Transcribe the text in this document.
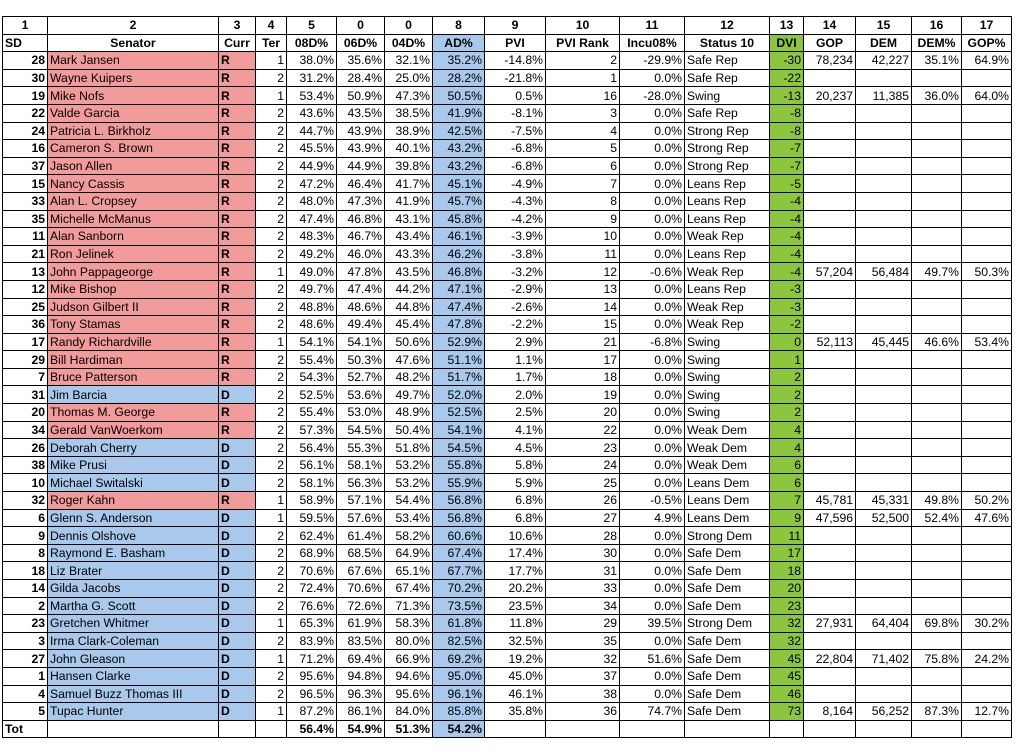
1	2	3	4	5	0	0	8	9	10	11	12	13	14	15	16	17
SD	Senator	Curr	Ter	08D%	06D%	04D%	AD%	PVI	PVI Rank	Incu08%	Status 10	DVI	GOP	DEM	DEM%	GOP%
28	Mark Jansen	R	1	38.0%	35.6%	32.1%	35.2%	-14.8%	2	-29.9%	Safe Rep	-30	78,234	42,227	35.1%	64.9%
30	Wayne Kuipers	R	2	31.2%	28.4%	25.0%	28.2%	-21.8%	1	0.0%	Safe Rep	-22				
19	Mike Nofs	R	1	53.4%	50.9%	47.3%	50.5%	0.5%	16	-28.0%	Swing	-13	20,237	11,385	36.0%	64.0%
22	Valde Garcia	R	2	43.6%	43.5%	38.5%	41.9%	-8.1%	3	0.0%	Safe Rep	-8				
24	Patricia L. Birkholz	R	2	44.7%	43.9%	38.9%	42.5%	-7.5%	4	0.0%	Strong Rep	-8				
16	Cameron S. Brown	R	2	45.5%	43.9%	40.1%	43.2%	-6.8%	5	0.0%	Strong Rep	-7				
37	Jason Allen	R	2	44.9%	44.9%	39.8%	43.2%	-6.8%	6	0.0%	Strong Rep	-7				
15	Nancy Cassis	R	2	47.2%	46.4%	41.7%	45.1%	-4.9%	7	0.0%	Leans Rep	-5				
33	Alan L. Cropsey	R	2	48.0%	47.3%	41.9%	45.7%	-4.3%	8	0.0%	Leans Rep	-4				
35	Michelle McManus	R	2	47.4%	46.8%	43.1%	45.8%	-4.2%	9	0.0%	Leans Rep	-4				
11	Alan Sanborn	R	2	48.3%	46.7%	43.4%	46.1%	-3.9%	10	0.0%	Weak Rep	-4				
21	Ron Jelinek	R	2	49.2%	46.0%	43.3%	46.2%	-3.8%	11	0.0%	Leans Rep	-4				
13	John Pappageorge	R	1	49.0%	47.8%	43.5%	46.8%	-3.2%	12	-0.6%	Weak Rep	-4	57,204	56,484	49.7%	50.3%
12	Mike Bishop	R	2	49.7%	47.4%	44.2%	47.1%	-2.9%	13	0.0%	Leans Rep	-3				
25	Judson Gilbert II	R	2	48.8%	48.6%	44.8%	47.4%	-2.6%	14	0.0%	Weak Rep	-3				
36	Tony Stamas	R	2	48.6%	49.4%	45.4%	47.8%	-2.2%	15	0.0%	Weak Rep	-2				
17	Randy Richardville	R	1	54.1%	54.1%	50.6%	52.9%	2.9%	21	-6.8%	Swing	0	52,113	45,445	46.6%	53.4%
29	Bill Hardiman	R	2	55.4%	50.3%	47.6%	51.1%	1.1%	17	0.0%	Swing	1				
7	Bruce Patterson	R	2	54.3%	52.7%	48.2%	51.7%	1.7%	18	0.0%	Swing	2				
31	Jim Barcia	D	2	52.5%	53.6%	49.7%	52.0%	2.0%	19	0.0%	Swing	2				
20	Thomas M. George	R	2	55.4%	53.0%	48.9%	52.5%	2.5%	20	0.0%	Swing	2				
34	Gerald VanWoerkom	R	2	57.3%	54.5%	50.4%	54.1%	4.1%	22	0.0%	Weak Dem	4				
26	Deborah Cherry	D	2	56.4%	55.3%	51.8%	54.5%	4.5%	23	0.0%	Weak Dem	4				
38	Mike Prusi	D	2	56.1%	58.1%	53.2%	55.8%	5.8%	24	0.0%	Weak Dem	6				
10	Michael Switalski	D	2	58.1%	56.3%	53.2%	55.9%	5.9%	25	0.0%	Leans Dem	6				
32	Roger Kahn	R	1	58.9%	57.1%	54.4%	56.8%	6.8%	26	-0.5%	Leans Dem	7	45,781	45,331	49.8%	50.2%
6	Glenn S. Anderson	D	1	59.5%	57.6%	53.4%	56.8%	6.8%	27	4.9%	Leans Dem	9	47,596	52,500	52.4%	47.6%
9	Dennis Olshove	D	2	62.4%	61.4%	58.2%	60.6%	10.6%	28	0.0%	Strong Dem	11				
8	Raymond E. Basham	D	2	68.9%	68.5%	64.9%	67.4%	17.4%	30	0.0%	Safe Dem	17				
18	Liz Brater	D	2	70.6%	67.6%	65.1%	67.7%	17.7%	31	0.0%	Safe Dem	18				
14	Gilda Jacobs	D	2	72.4%	70.6%	67.4%	70.2%	20.2%	33	0.0%	Safe Dem	20				
2	Martha G. Scott	D	2	76.6%	72.6%	71.3%	73.5%	23.5%	34	0.0%	Safe Dem	23				
23	Gretchen Whitmer	D	1	65.3%	61.9%	58.3%	61.8%	11.8%	29	39.5%	Strong Dem	32	27,931	64,404	69.8%	30.2%
3	Irma Clark-Coleman	D	2	83.9%	83.5%	80.0%	82.5%	32.5%	35	0.0%	Safe Dem	32				
27	John Gleason	D	1	71.2%	69.4%	66.9%	69.2%	19.2%	32	51.6%	Safe Dem	45	22,804	71,402	75.8%	24.2%
1	Hansen Clarke	D	2	95.6%	94.8%	94.6%	95.0%	45.0%	37	0.0%	Safe Dem	45				
4	Samuel Buzz Thomas III	D	2	96.5%	96.3%	95.6%	96.1%	46.1%	38	0.0%	Safe Dem	46				
5	Tupac Hunter	D	1	87.2%	86.1%	84.0%	85.8%	35.8%	36	74.7%	Safe Dem	73	8,164	56,252	87.3%	12.7%
Tot				56.4%	54.9%	51.3%	54.2%									
